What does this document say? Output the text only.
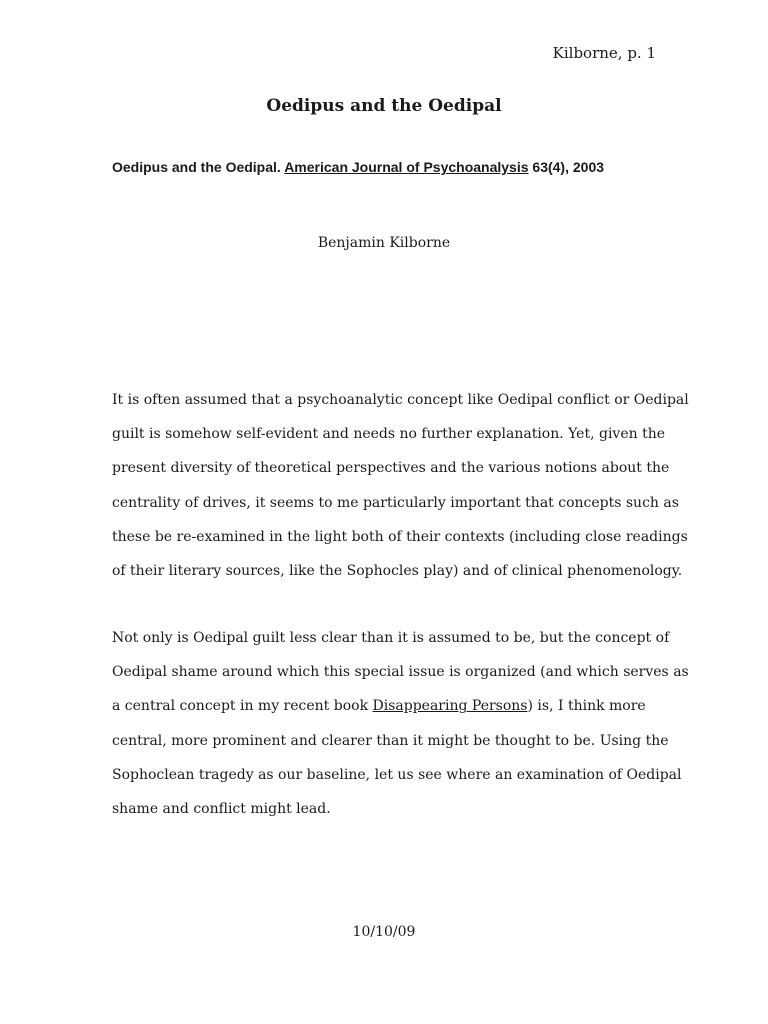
Kilborne, p. 1
Oedipus and the Oedipal
Oedipus and the Oedipal. American Journal of Psychoanalysis 63(4), 2003
Benjamin Kilborne
It is often assumed that a psychoanalytic concept like Oedipal conflict or Oedipal
guilt is somehow self-evident and needs no further explanation. Yet, given the
present diversity of theoretical perspectives and the various notions about the
centrality of drives, it seems to me particularly important that concepts such as
these be re-examined in the light both of their contexts (including close readings
of their literary sources, like the Sophocles play) and of clinical phenomenology.
Not only is Oedipal guilt less clear than it is assumed to be, but the concept of
Oedipal shame around which this special issue is organized (and which serves as
a central concept in my recent book Disappearing Persons) is, I think more
central, more prominent and clearer than it might be thought to be. Using the
Sophoclean tragedy as our baseline, let us see where an examination of Oedipal
shame and conflict might lead.
10/10/09
